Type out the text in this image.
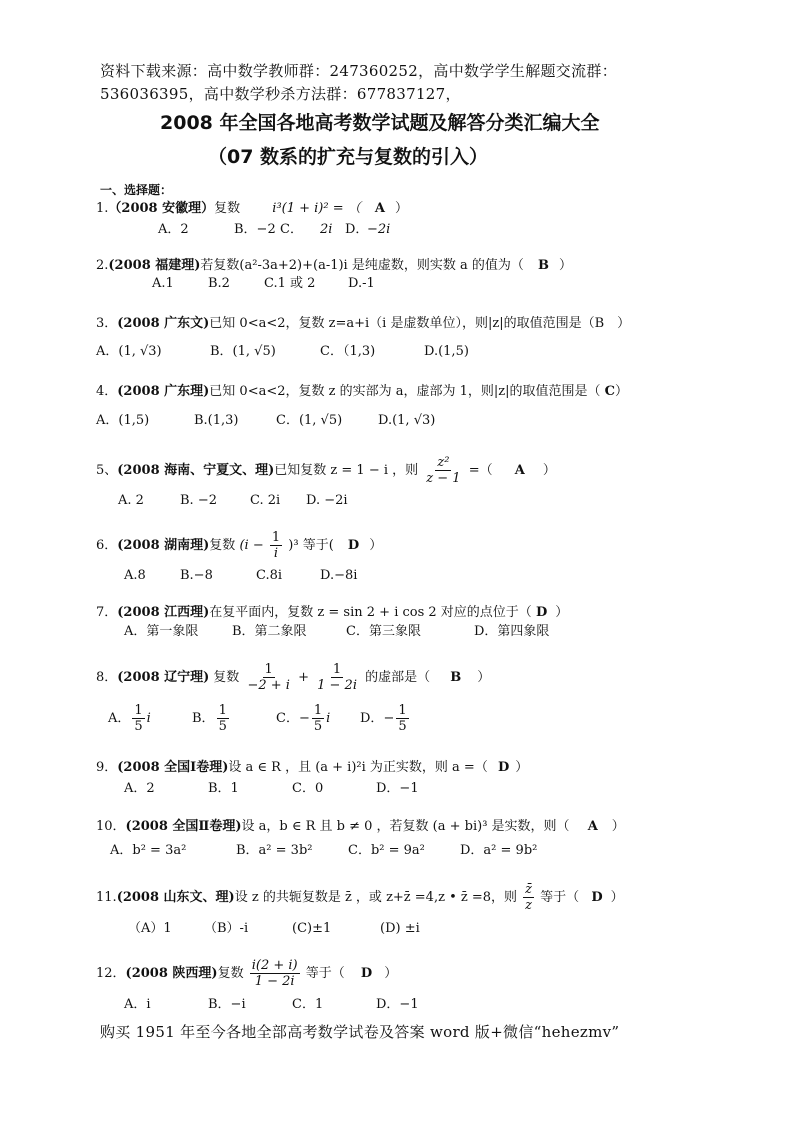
资料下载来源：高中数学教师群：247360252，高中数学学生解题交流群：
536036395，高中数学秒杀方法群：677837127，
2008 年全国各地高考数学试题及解答分类汇编大全
（07 数系的扩充与复数的引入）
一、选择题：
1.（2008 安徽理）复数 i³(1 + i)² = （ A ）
A．2	B．−2 C． 2i D．−2i
2.(2008 福建理)若复数(a²-3a+2)+(a-1)i 是纯虚数，则实数 a 的值为（ B ）
A.1	B.2	C.1 或 2	D.-1
3．(2008 广东文)已知 0<a<2，复数 z=a+i（i 是虚数单位），则|z|的取值范围是（B　）
A．(1, √3)	B．(1, √5)	C．（1,3)	D.(1,5)
4．(2008 广东理)已知 0<a<2，复数 z 的实部为 a，虚部为 1，则|z|的取值范围是（ C）
A．(1,5)	B.(1,3)	C．(1, √5)	D.(1, √3)
5、(2008 海南、宁夏文、理)已知复数 z = 1 − i ，则 $\frac{\text{z²}}{z - 1}$ =（ A ）
A. 2	B. −2	C. 2i D. −2i
6．(2008 湖南理)复数 $(i - \frac{1}{i} )^3$ 等于( D ）
A.8	B.−8	C.8i	D.−8i
7．(2008 江西理)在复平面内，复数 z = sin 2 + i cos 2 对应的点位于（ D ）
A．第一象限	B．第二象限	C．第三象限	D．第四象限
8．(2008 辽宁理) 复数 $\frac{1}{-2 + i} + \frac{1}{1 - 2i}$ 的虚部是（ B ）
A． $\frac{1}{5}$ i	B． $\frac{1}{5}$	C．− $\frac{1}{5}$ i D．− $\frac{1}{5}$
9．(2008 全国Ⅰ卷理)设 a ∈ R ，且 (a + i)²i 为正实数，则 a =（ D ）
A．2	B．1	C．0	D．−1
10．(2008 全国Ⅱ卷理)设 a，b ∈ R 且 b ≠ 0 ，若复数 (a + bi)³ 是实数，则（ A ）
A．b² = 3a²	B．a² = 3b²	C．b² = 9a²	D．a² = 9b²
11.(2008 山东文、理)设 z 的共轭复数是 z̄ ，或 z+z̄ =4,z • z̄ =8，则 $\frac{z̄}{z}$ 等于（ D ）
（A）1 （B）-i	(C)±1	(D) ±i
12．(2008 陕西理)复数 $\frac{i(2 + i)}{1 - 2i}$ 等于（ D ）
A．i	B．−i	C．1	D．−1
购买 1951 年至今各地全部高考数学试卷及答案 word 版+微信“hehezmv”
